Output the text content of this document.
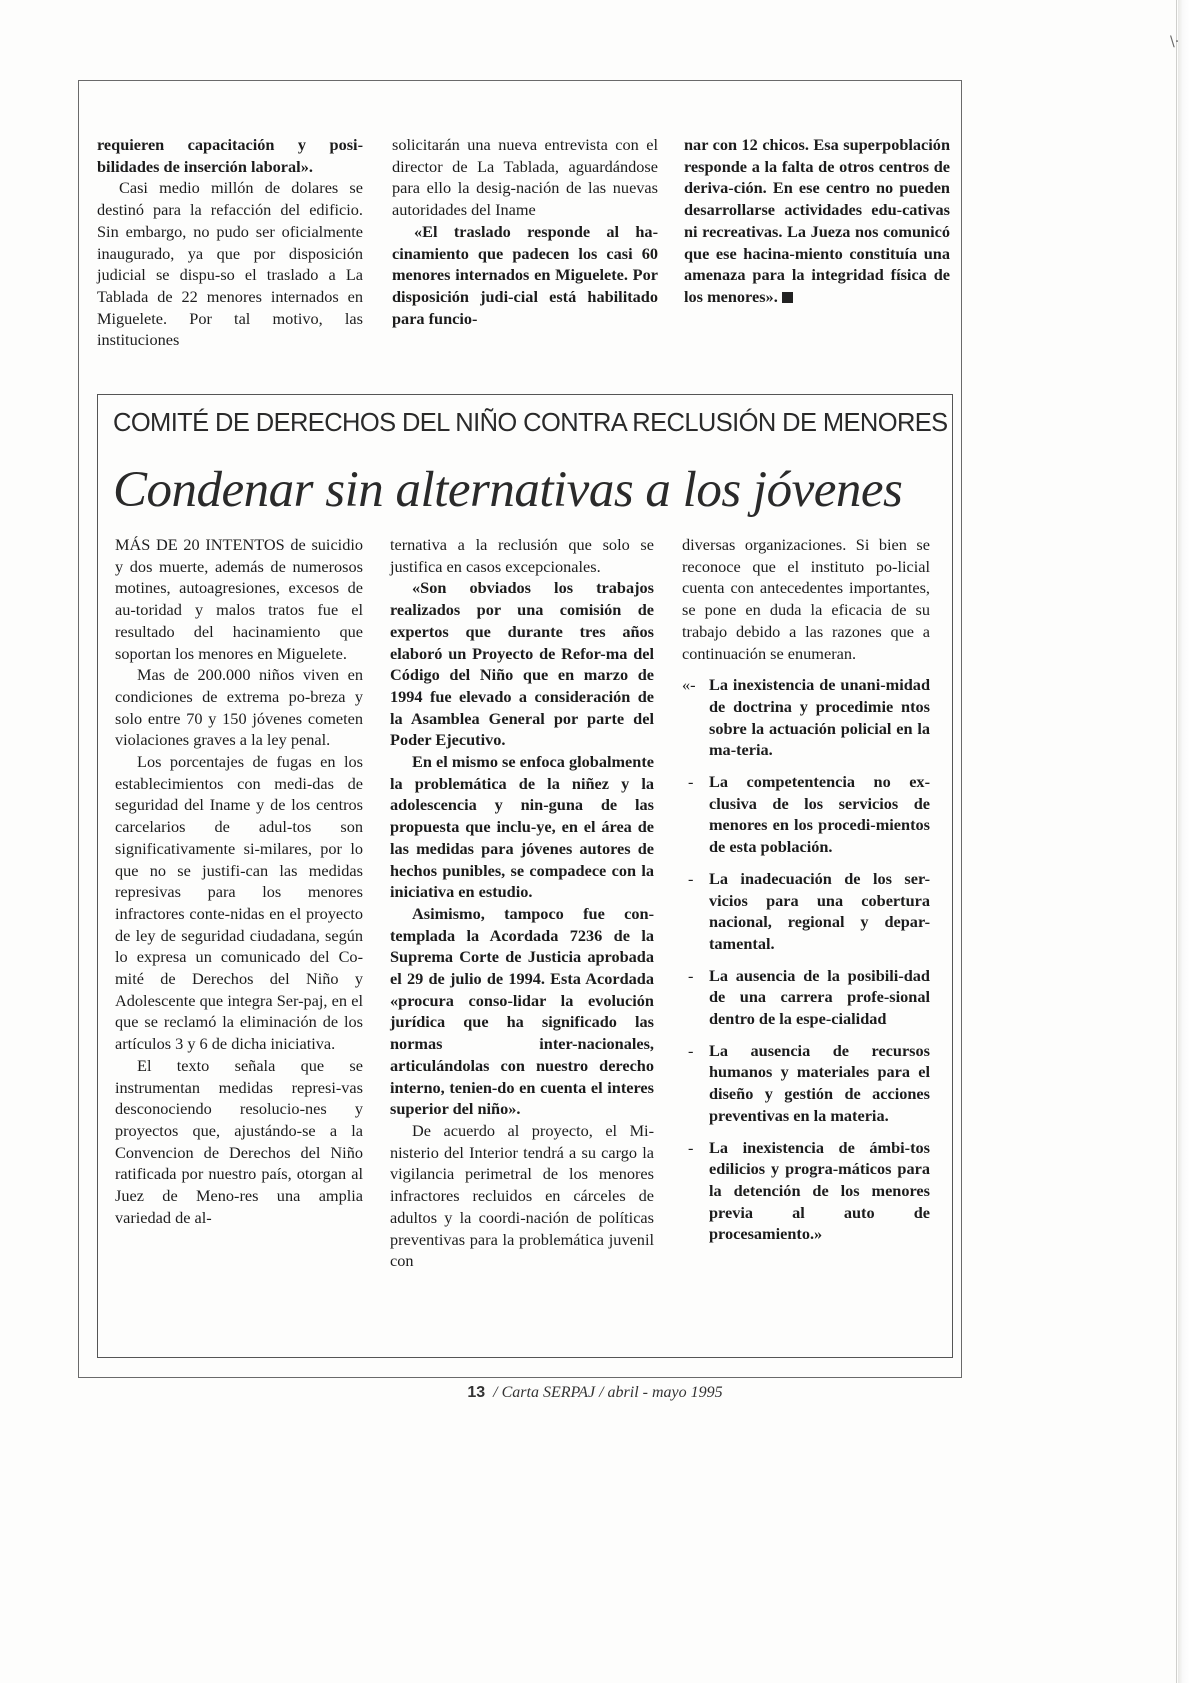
\·

requieren capacitación y posi-bilidades de inserción laboral».

Casi medio millón de dolares se destinó para la refacción del edificio. Sin embargo, no pudo ser oficialmente inaugurado, ya que por disposición judicial se dispu-so el traslado a La Tablada de 22 menores internados en Miguelete. Por tal motivo, las instituciones

solicitarán una nueva entrevista con el director de La Tablada, aguardándose para ello la desig-nación de las nuevas autoridades del Iname

«El traslado responde al ha-cinamiento que padecen los casi 60 menores internados en Miguelete. Por disposición judi-cial está habilitado para funcio-

nar con 12 chicos. Esa superpoblación responde a la falta de otros centros de deriva-ción. En ese centro no pueden desarrollarse actividades edu-cativas ni recreativas. La Jueza nos comunicó que ese hacina-miento constituía una amenaza para la integridad física de los menores».

COMITÉ DE DERECHOS DEL NIÑO CONTRA RECLUSIÓN DE MENORES
Condenar sin alternativas a los jóvenes

MÁS DE 20 INTENTOS de suicidio y dos muerte, además de numerosos motines, autoagresiones, excesos de au-toridad y malos tratos fue el resultado del hacinamiento que soportan los menores en Miguelete.

Mas de 200.000 niños viven en condiciones de extrema po-breza y solo entre 70 y 150 jóvenes cometen violaciones graves a la ley penal.

Los porcentajes de fugas en los establecimientos con medi-das de seguridad del Iname y de los centros carcelarios de adul-tos son significativamente si-milares, por lo que no se justifi-can las medidas represivas para los menores infractores conte-nidas en el proyecto de ley de seguridad ciudadana, según lo expresa un comunicado del Co-mité de Derechos del Niño y Adolescente que integra Ser-paj, en el que se reclamó la eliminación de los artículos 3 y 6 de dicha iniciativa.

El texto señala que se instrumentan medidas represi-vas desconociendo resolucio-nes y proyectos que, ajustándo-se a la Convencion de Derechos del Niño ratificada por nuestro país, otorgan al Juez de Meno-res una amplia variedad de al-

ternativa a la reclusión que solo se justifica en casos excepcionales.

«Son obviados los trabajos realizados por una comisión de expertos que durante tres años elaboró un Proyecto de Refor-ma del Código del Niño que en marzo de 1994 fue elevado a consideración de la Asamblea General por parte del Poder Ejecutivo.

En el mismo se enfoca globalmente la problemática de la niñez y la adolescencia y nin-guna de las propuesta que inclu-ye, en el área de las medidas para jóvenes autores de hechos punibles, se compadece con la iniciativa en estudio.

Asimismo, tampoco fue con-templada la Acordada 7236 de la Suprema Corte de Justicia aprobada el 29 de julio de 1994. Esta Acordada «procura conso-lidar la evolución jurídica que ha significado las normas inter-nacionales, articulándolas con nuestro derecho interno, tenien-do en cuenta el interes superior del niño».

De acuerdo al proyecto, el Mi-nisterio del Interior tendrá a su cargo la vigilancia perimetral de los menores infractores recluidos en cárceles de adultos y la coordi-nación de políticas preventivas para la problemática juvenil con

diversas organizaciones. Si bien se reconoce que el instituto po-licial cuenta con antecedentes importantes, se pone en duda la eficacia de su trabajo debido a las razones que a continuación se enumeran.

«- La inexistencia de unani-midad de doctrina y procedimie ntos sobre la actuación policial en la ma-teria.
- La competentencia no ex-clusiva de los servicios de menores en los procedi-mientos de esta población.
- La inadecuación de los ser-vicios para una cobertura nacional, regional y depar-tamental.
- La ausencia de la posibili-dad de una carrera profe-sional dentro de la espe-cialidad
- La ausencia de recursos humanos y materiales para el diseño y gestión de acciones preventivas en la materia.
- La inexistencia de ámbi-tos edilicios y progra-máticos para la detención de los menores previa al auto de procesamiento.»
13 / Carta SERPAJ / abril - mayo 1995
